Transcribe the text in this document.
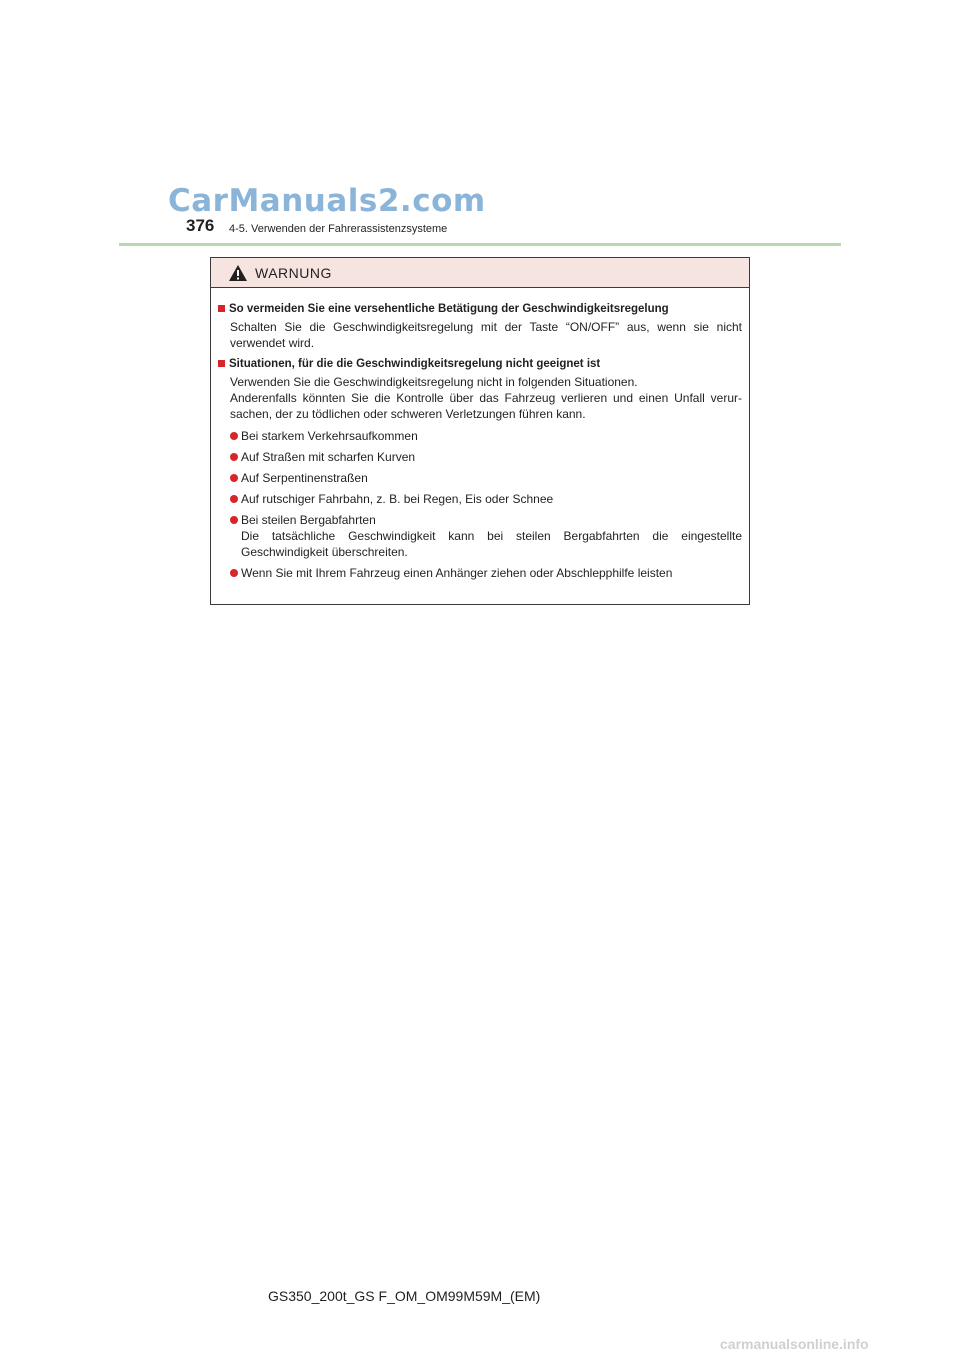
CarManuals2.com
376 4-5. Verwenden der Fahrerassistenzsysteme
WARNUNG
So vermeiden Sie eine versehentliche Betätigung der Geschwindigkeitsregelung
Schalten Sie die Geschwindigkeitsregelung mit der Taste “ON/OFF” aus, wenn sie nicht verwendet wird.
Situationen, für die die Geschwindigkeitsregelung nicht geeignet ist
Verwenden Sie die Geschwindigkeitsregelung nicht in folgenden Situationen.
Anderenfalls könnten Sie die Kontrolle über das Fahrzeug verlieren und einen Unfall verur-sachen, der zu tödlichen oder schweren Verletzungen führen kann.
Bei starkem Verkehrsaufkommen
Auf Straßen mit scharfen Kurven
Auf Serpentinenstraßen
Auf rutschiger Fahrbahn, z. B. bei Regen, Eis oder Schnee
Bei steilen Bergabfahrten
Die tatsächliche Geschwindigkeit kann bei steilen Bergabfahrten die eingestellte Geschwindigkeit überschreiten.
Wenn Sie mit Ihrem Fahrzeug einen Anhänger ziehen oder Abschlepphilfe leisten
GS350_200t_GS F_OM_OM99M59M_(EM)
carmanualsonline.info
